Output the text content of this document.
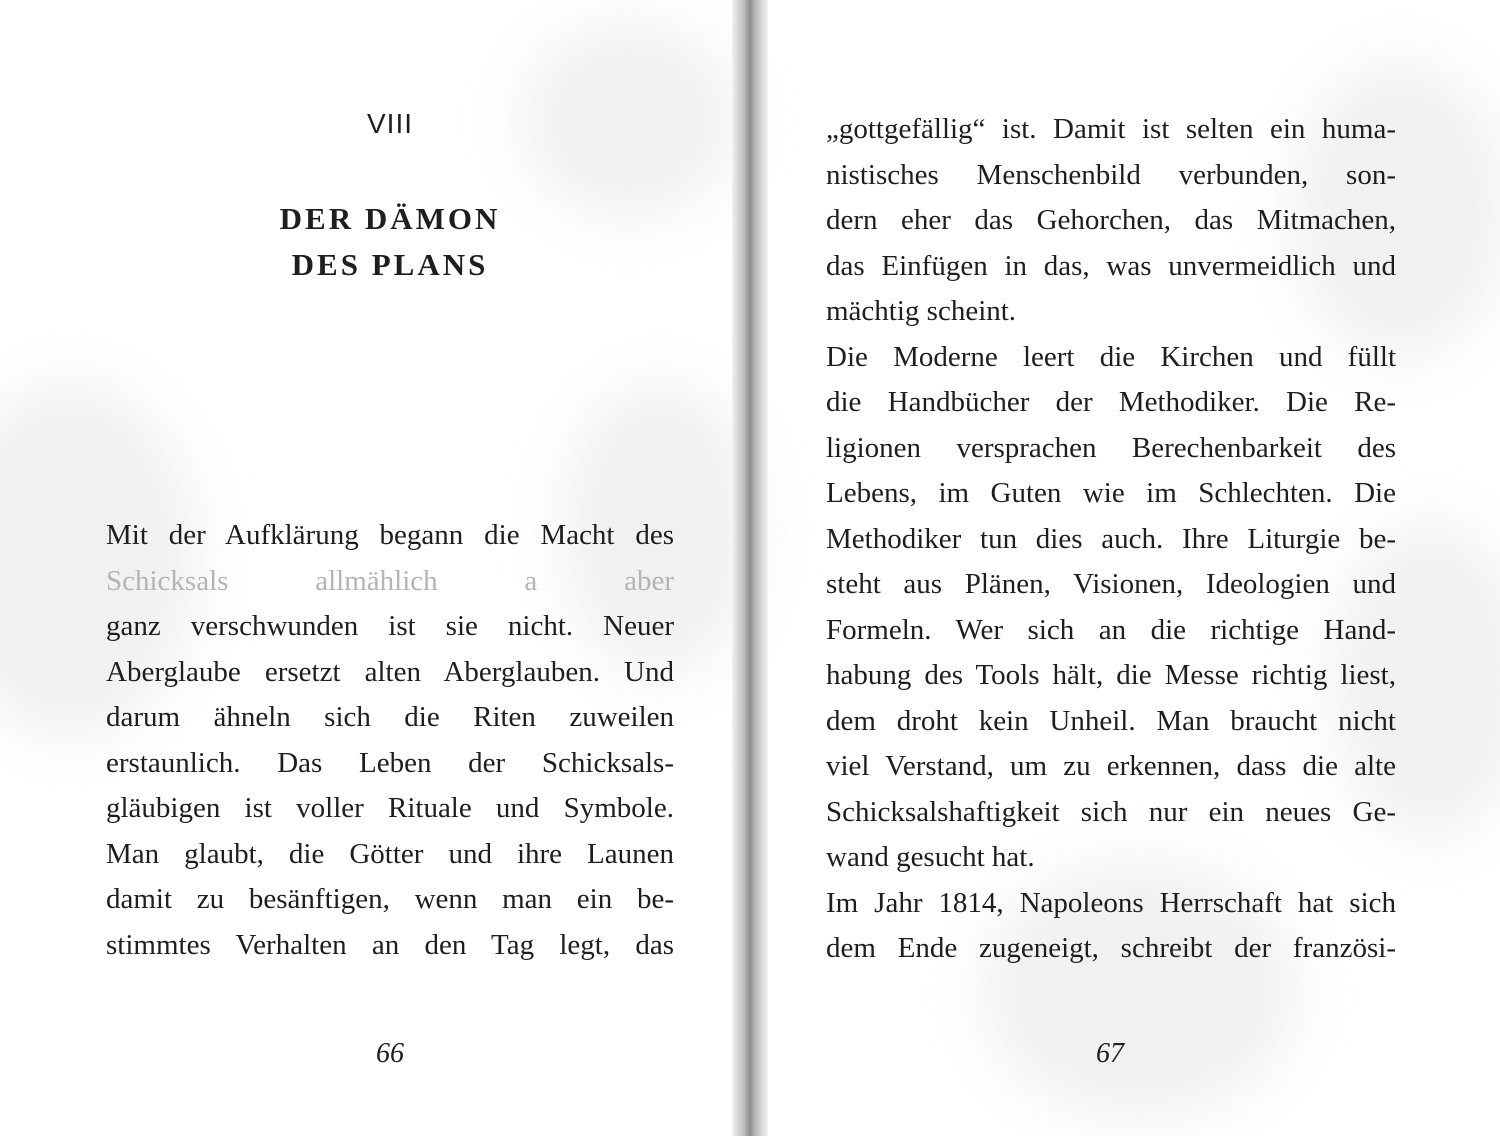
VIII
DER DÄMON
DES PLANS
Mit der Aufklärung begann die Macht des
Schicksals allmählich a aber
ganz verschwunden ist sie nicht. Neuer
Aberglaube ersetzt alten Aberglauben. Und
darum ähneln sich die Riten zuweilen
erstaunlich. Das Leben der Schicksals-
gläubigen ist voller Rituale und Symbole.
Man glaubt, die Götter und ihre Launen
damit zu besänftigen, wenn man ein be-
stimmtes Verhalten an den Tag legt, das
66
„gottgefällig“ ist. Damit ist selten ein huma-
nistisches Menschenbild verbunden, son-
dern eher das Gehorchen, das Mitmachen,
das Einfügen in das, was unvermeidlich und
mächtig scheint.
Die Moderne leert die Kirchen und füllt
die Handbücher der Methodiker. Die Re-
ligionen versprachen Berechenbarkeit des
Lebens, im Guten wie im Schlechten. Die
Methodiker tun dies auch. Ihre Liturgie be-
steht aus Plänen, Visionen, Ideologien und
Formeln. Wer sich an die richtige Hand-
habung des Tools hält, die Messe richtig liest,
dem droht kein Unheil. Man braucht nicht
viel Verstand, um zu erkennen, dass die alte
Schicksalshaftigkeit sich nur ein neues Ge-
wand gesucht hat.
Im Jahr 1814, Napoleons Herrschaft hat sich
dem Ende zugeneigt, schreibt der französi-
67
